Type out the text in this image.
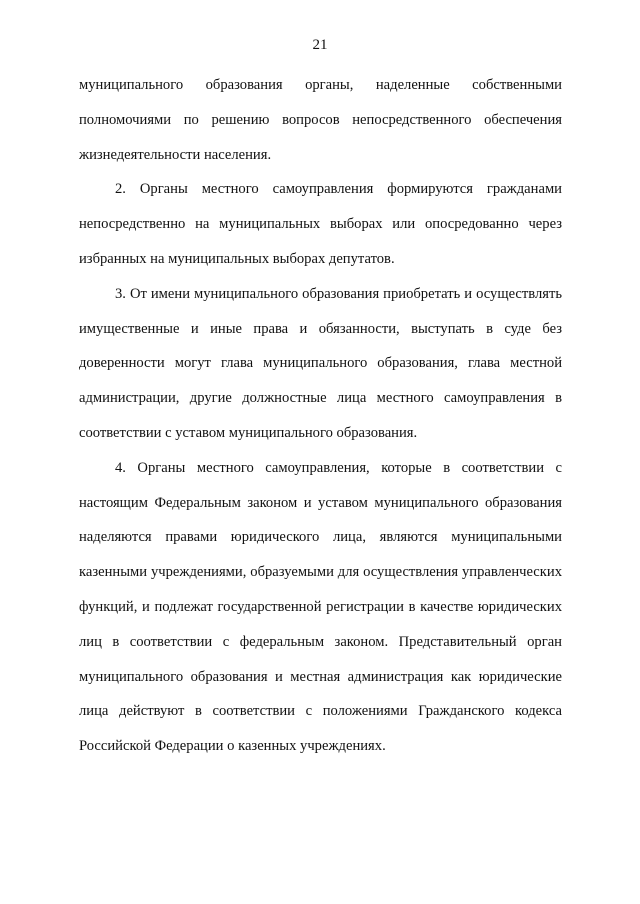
21

муниципального образования органы, наделенные собственными полномочиями по решению вопросов непосредственного обеспечения жизнедеятельности населения.

2. Органы местного самоуправления формируются гражданами непосредственно на муниципальных выборах или опосредованно через избранных на муниципальных выборах депутатов.

3. От имени муниципального образования приобретать и осуществлять имущественные и иные права и обязанности, выступать в суде без доверенности могут глава муниципального образования, глава местной администрации, другие должностные лица местного самоуправления в соответствии с уставом муниципального образования.

4. Органы местного самоуправления, которые в соответствии с настоящим Федеральным законом и уставом муниципального образования наделяются правами юридического лица, являются муниципальными казенными учреждениями, образуемыми для осуществления управленческих функций, и подлежат государственной регистрации в качестве юридических лиц в соответствии с федеральным законом. Представительный орган муниципального образования и местная администрация как юридические лица действуют в соответствии с положениями Гражданского кодекса Российской Федерации о казенных учреждениях.
